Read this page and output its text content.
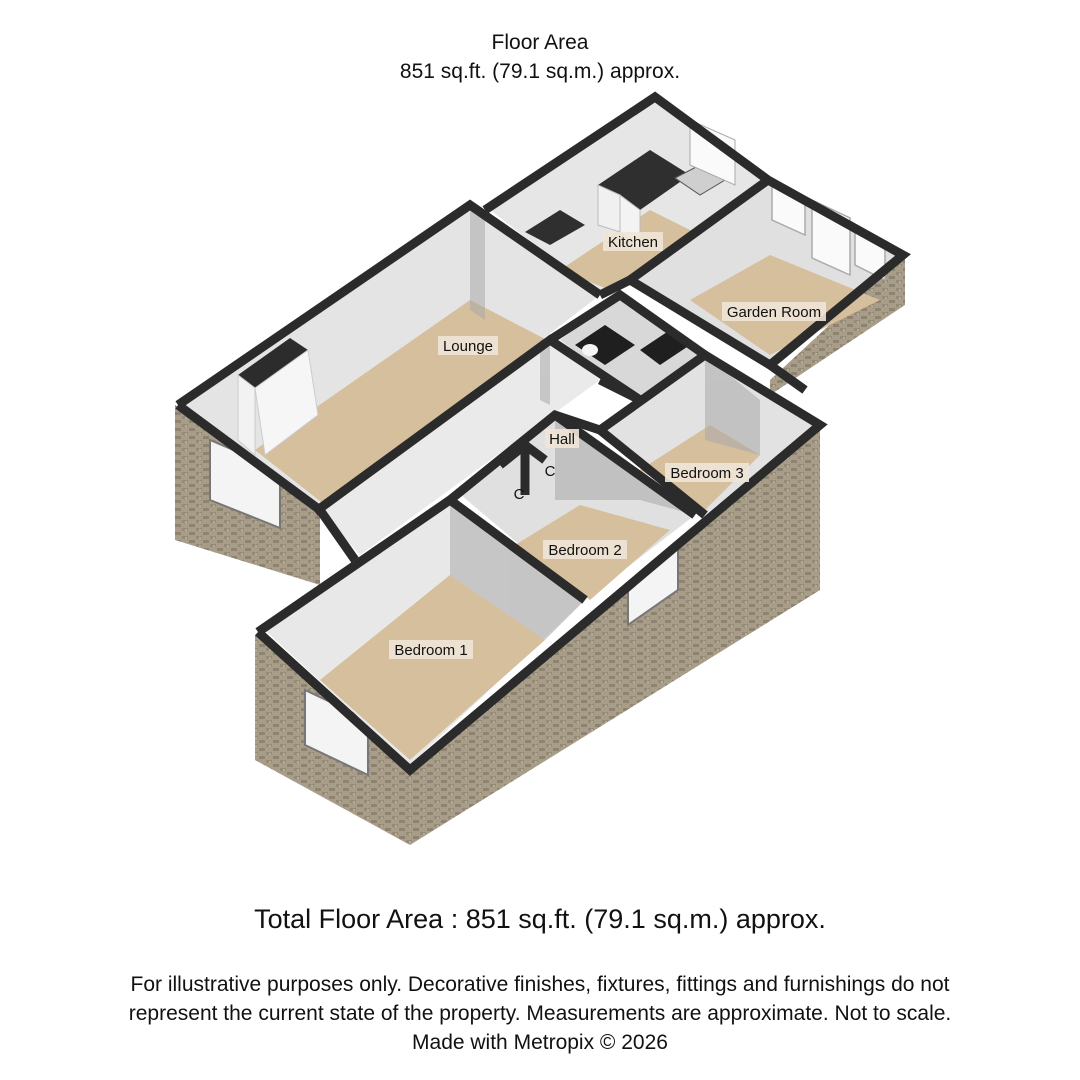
Floor Area
851 sq.ft. (79.1 sq.m.) approx.
Kitchen
Garden Room
Lounge
Hall
C
C
Bedroom 3
Bedroom 2
Bedroom 1
Total Floor Area : 851 sq.ft. (79.1 sq.m.) approx.
For illustrative purposes only. Decorative finishes, fixtures, fittings and furnishings do not
represent the current state of the property. Measurements are approximate. Not to scale.
Made with Metropix © 2026
